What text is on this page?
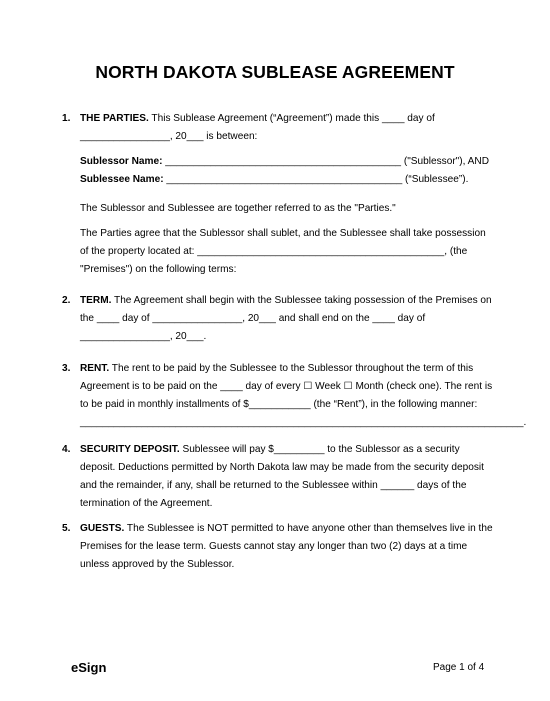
NORTH DAKOTA SUBLEASE AGREEMENT
1. THE PARTIES. This Sublease Agreement (“Agreement”) made this ____ day of
________________, 20___ is between:
Sublessor Name: __________________________________________ ("Sublessor"), AND
Sublessee Name: __________________________________________ (“Sublessee”).
The Sublessor and Sublessee are together referred to as the "Parties."
The Parties agree that the Sublessor shall sublet, and the Sublessee shall take possession
of the property located at: ____________________________________________, (the
"Premises") on the following terms:
2. TERM. The Agreement shall begin with the Sublessee taking possession of the Premises on
the ____ day of ________________, 20___ and shall end on the ____ day of
________________, 20___.
3. RENT. The rent to be paid by the Sublessee to the Sublessor throughout the term of this
Agreement is to be paid on the ____ day of every ☐ Week ☐ Month (check one). The rent is
to be paid in monthly installments of $___________ (the “Rent”), in the following manner:
_______________________________________________________________________________.
4. SECURITY DEPOSIT. Sublessee will pay $_________ to the Sublessor as a security
deposit. Deductions permitted by North Dakota law may be made from the security deposit
and the remainder, if any, shall be returned to the Sublessee within ______ days of the
termination of the Agreement.
5. GUESTS. The Sublessee is NOT permitted to have anyone other than themselves live in the
Premises for the lease term. Guests cannot stay any longer than two (2) days at a time
unless approved by the Sublessor.
eSign	Page 1 of 4
